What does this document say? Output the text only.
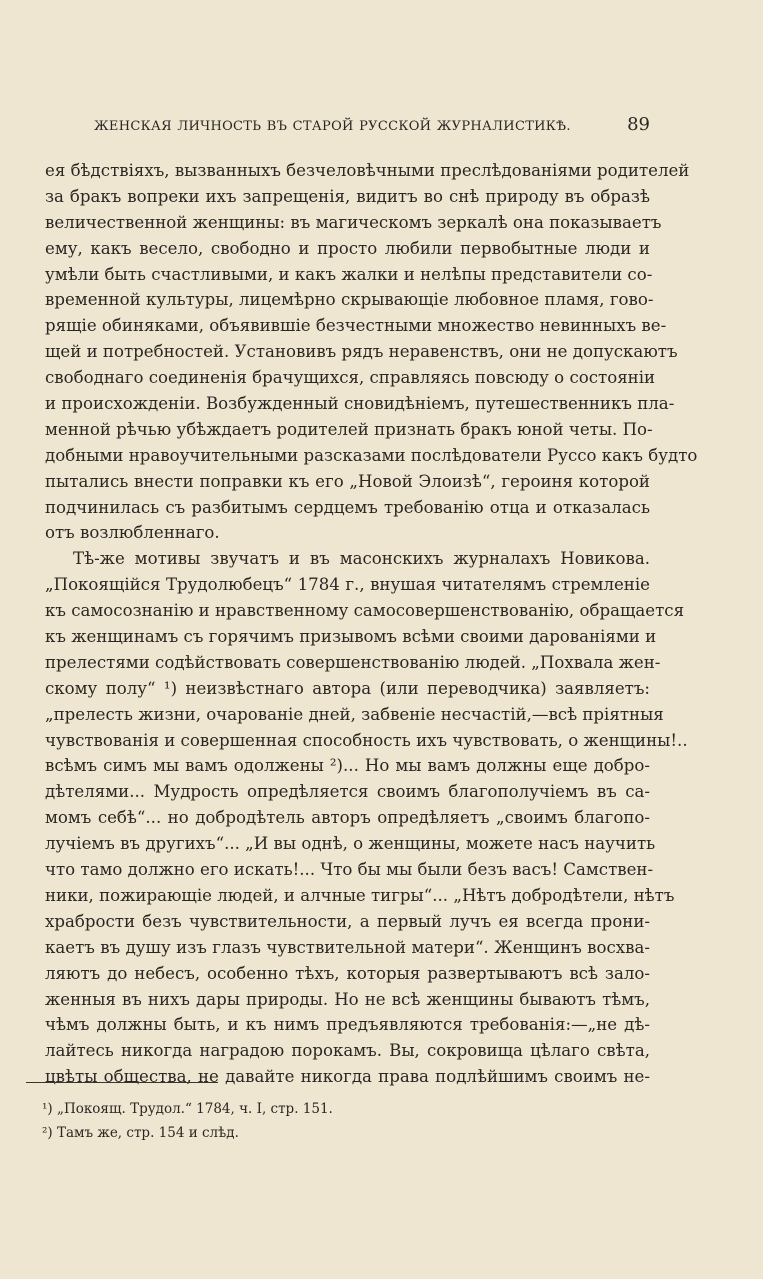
ЖЕНСКАЯ ЛИЧНОСТЬ ВЪ СТАРОЙ РУССКОЙ ЖУРНАЛИСТИКѢ.	89
ея бѣдствіяхъ, вызванныхъ безчеловѣчными преслѣдованіями родителей
за бракъ вопреки ихъ запрещенія, видитъ во снѣ природу въ образѣ
величественной женщины: въ магическомъ зеркалѣ она показываетъ
ему, какъ весело, свободно и просто любили первобытные люди и
умѣли быть счастливыми, и какъ жалки и нелѣпы представители со-
временной культуры, лицемѣрно скрывающіе любовное пламя, гово-
рящіе обиняками, объявившіе безчестными множество невинныхъ ве-
щей и потребностей. Установивъ рядъ неравенствъ, они не допускаютъ
свободнаго соединенія брачущихся, справляясь повсюду о состояніи
и происхожденіи. Возбужденный сновидѣніемъ, путешественникъ пла-
менной рѣчью убѣждаетъ родителей признать бракъ юной четы. По-
добными нравоучительными разсказами послѣдователи Руссо какъ будто
пытались внести поправки къ его „Новой Элоизѣ“, героиня которой
подчинилась съ разбитымъ сердцемъ требованію отца и отказалась
отъ возлюбленнаго.
Тѣ-же мотивы звучатъ и въ масонскихъ журналахъ Новикова.
„Покоящійся Трудолюбецъ“ 1784 г., внушая читателямъ стремленіе
къ самосознанію и нравственному самосовершенствованію, обращается
къ женщинамъ съ горячимъ призывомъ всѣми своими дарованіями и
прелестями содѣйствовать совершенствованію людей. „Похвала жен-
скому полу“ ¹) неизвѣстнаго автора (или переводчика) заявляетъ:
„прелесть жизни, очарованіе дней, забвеніе несчастій,—всѣ пріятныя
чувствованія и совершенная способность ихъ чувствовать, о женщины!..
всѣмъ симъ мы вамъ одолжены ²)... Но мы вамъ должны еще добро-
дѣтелями... Мудрость опредѣляется своимъ благополучіемъ въ са-
момъ себѣ“... но добродѣтель авторъ опредѣляетъ „своимъ благопо-
лучіемъ въ другихъ“... „И вы однѣ, о женщины, можете насъ научить
что тамо должно его искать!... Что бы мы были безъ васъ! Самствен-
ники, пожирающіе людей, и алчные тигры“... „Нѣтъ добродѣтели, нѣтъ
храбрости безъ чувствительности, а первый лучъ ея всегда прони-
каетъ въ душу изъ глазъ чувствительной матери“. Женщинъ восхва-
ляютъ до небесъ, особенно тѣхъ, которыя развертываютъ всѣ зало-
женныя въ нихъ дары природы. Но не всѣ женщины бываютъ тѣмъ,
чѣмъ должны быть, и къ нимъ предъявляются требованія:—„не дѣ-
лайтесь никогда наградою порокамъ. Вы, сокровища цѣлаго свѣта,
цвѣты общества, не давайте никогда права подлѣйшимъ своимъ не-
¹) „Покоящ. Трудол.“ 1784, ч. I, стр. 151.
²) Тамъ же, стр. 154 и слѣд.
